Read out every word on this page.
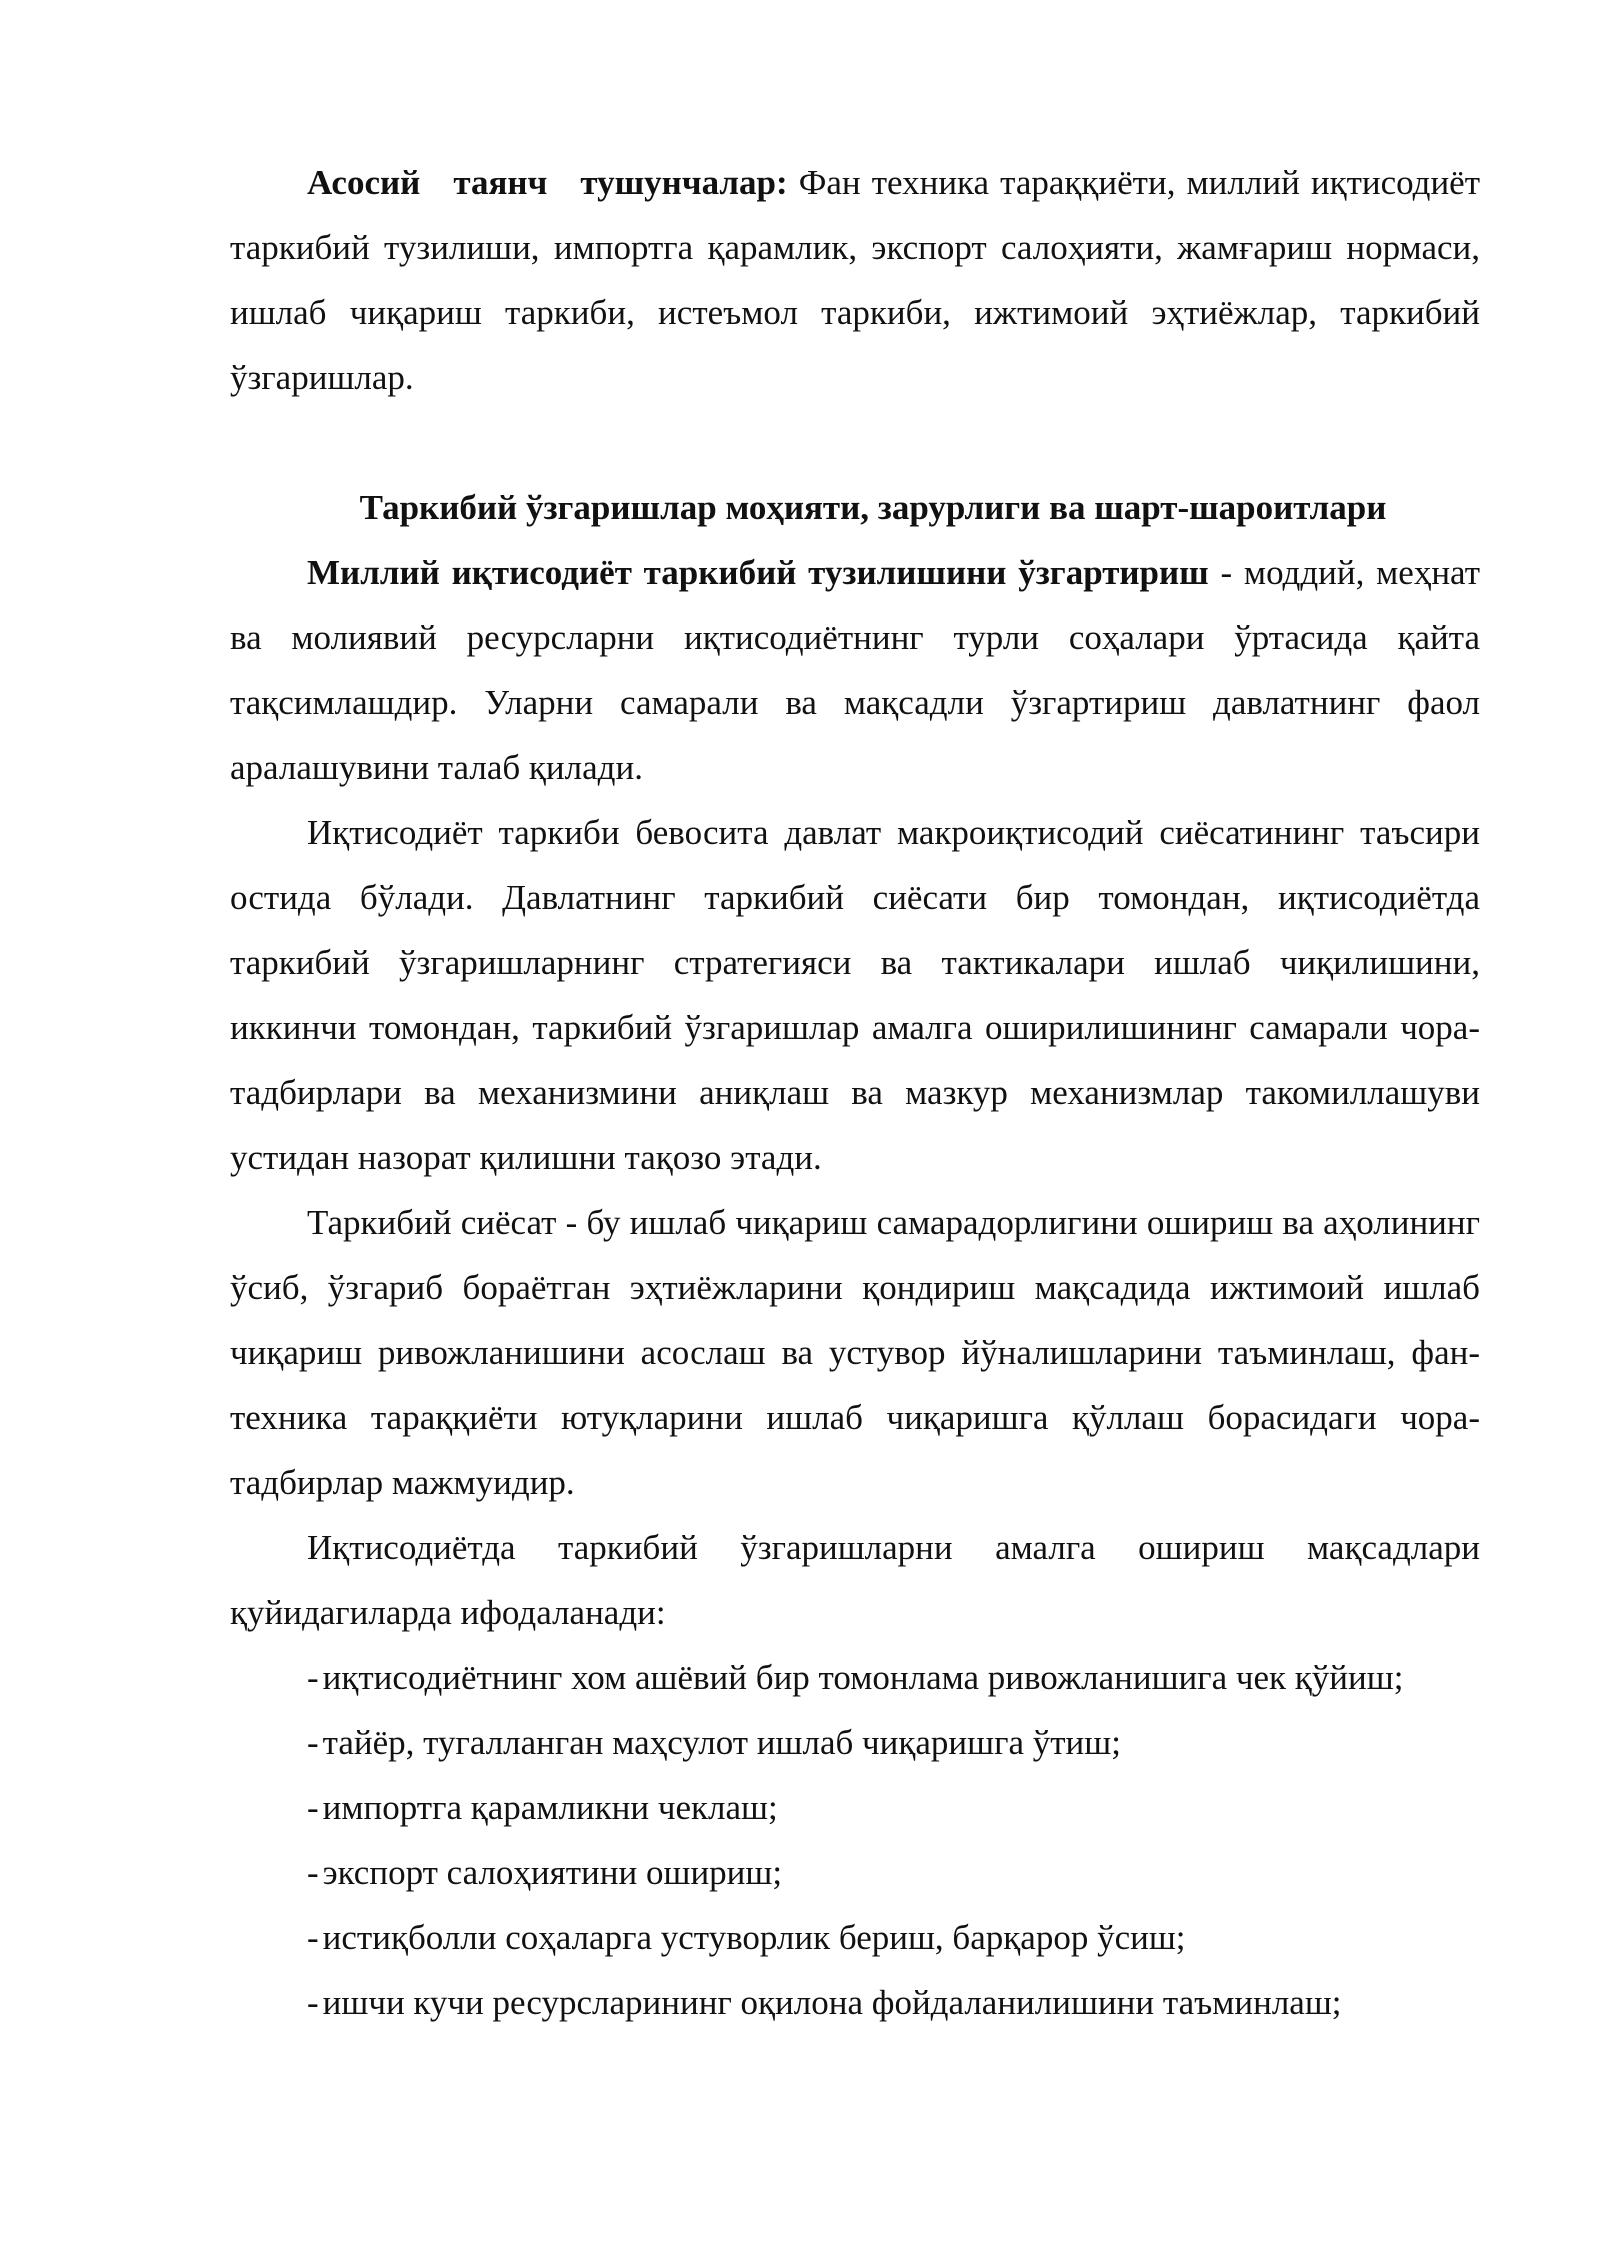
Асосий таянч тушунчалар: Фан техника тараққиёти, миллий иқтисодиёт таркибий тузилиши, импортга қарамлик, экспорт салоҳияти, жамғариш нормаси, ишлаб чиқариш таркиби, истеъмол таркиби, ижтимоий эҳтиёжлар, таркибий ўзгаришлар.

Таркибий ўзгаришлар моҳияти, зарурлиги ва шарт-шароитлари

Миллий иқтисодиёт таркибий тузилишини ўзгартириш - моддий, меҳнат ва молиявий ресурсларни иқтисодиётнинг турли соҳалари ўртасида қайта тақсимлашдир. Уларни самарали ва мақсадли ўзгартириш давлатнинг фаол аралашувини талаб қилади.

Иқтисодиёт таркиби бевосита давлат макроиқтисодий сиёсатининг таъсири остида бўлади. Давлатнинг таркибий сиёсати бир томондан, иқтисодиётда таркибий ўзгаришларнинг стратегияси ва тактикалари ишлаб чиқилишини, иккинчи томондан, таркибий ўзгаришлар амалга оширилишининг самарали чора-тадбирлари ва механизмини аниқлаш ва мазкур механизмлар такомиллашуви устидан назорат қилишни тақозо этади.

Таркибий сиёсат - бу ишлаб чиқариш самарадорлигини ошириш ва аҳолининг ўсиб, ўзгариб бораётган эҳтиёжларини қондириш мақсадида ижтимоий ишлаб чиқариш ривожланишини асослаш ва устувор йўналишларини таъминлаш, фан-техника тараққиёти ютуқларини ишлаб чиқаришга қўллаш борасидаги чора-тадбирлар мажмуидир.

Иқтисодиётда таркибий ўзгаришларни амалга ошириш мақсадлари қуйидагиларда ифодаланади:

- иқтисодиётнинг хом ашёвий бир томонлама ривожланишига чек қўйиш;
- тайёр, тугалланган маҳсулот ишлаб чиқаришга ўтиш;
- импортга қарамликни чеклаш;
- экспорт салоҳиятини ошириш;
- истиқболли соҳаларга устуворлик бериш, барқарор ўсиш;
- ишчи кучи ресурсларининг оқилона фойдаланилишини таъминлаш;
